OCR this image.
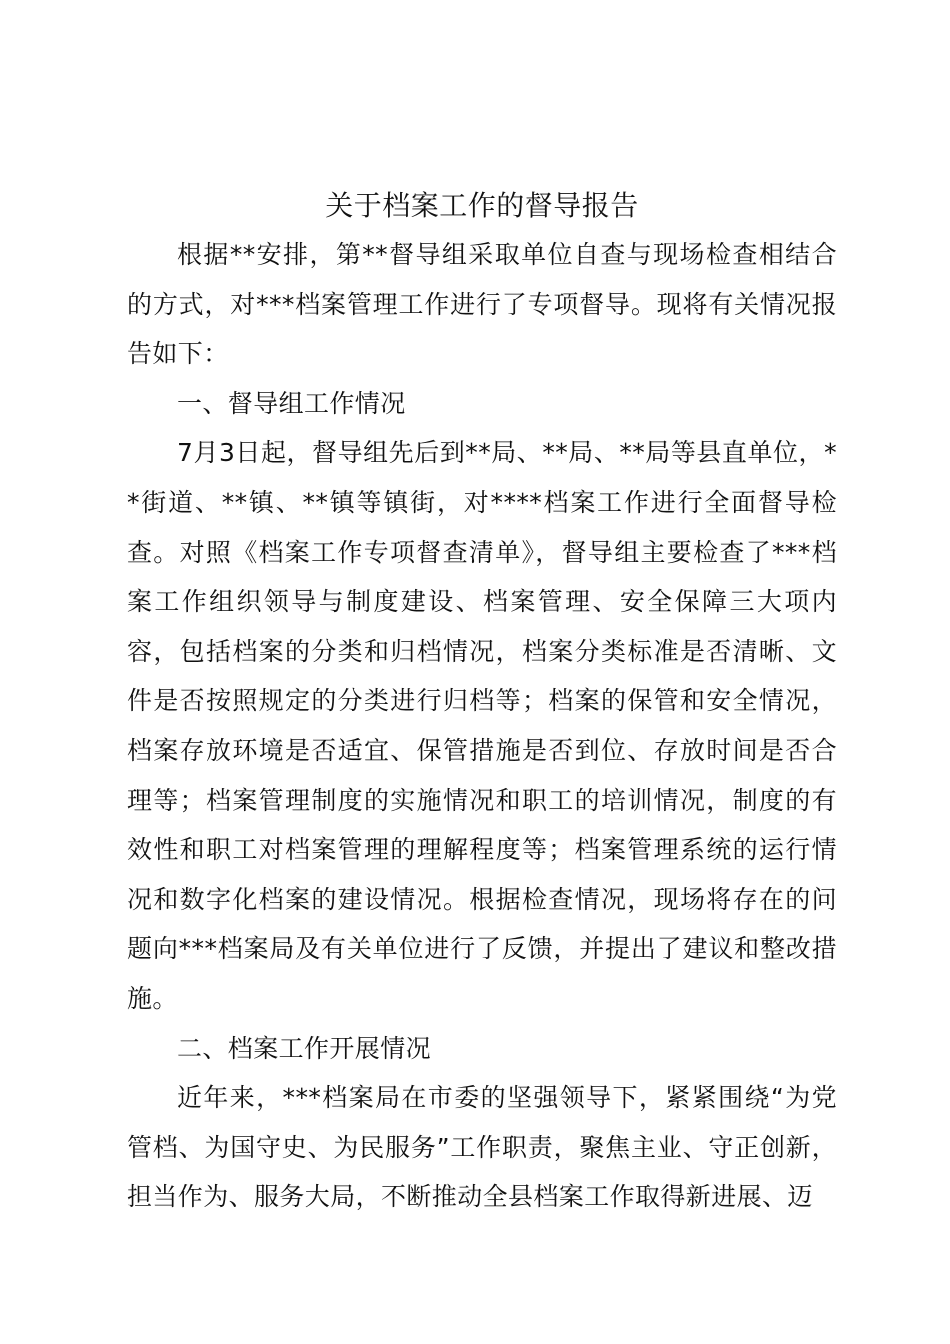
关于档案工作的督导报告

根据**安排，第**督导组采取单位自查与现场检查相结合的方式，对***档案管理工作进行了专项督导。现将有关情况报告如下：

一、督导组工作情况

7月3日起，督导组先后到**局、**局、**局等县直单位，**街道、**镇、**镇等镇街，对****档案工作进行全面督导检查。对照《档案工作专项督查清单》，督导组主要检查了***档案工作组织领导与制度建设、档案管理、安全保障三大项内容，包括档案的分类和归档情况，档案分类标准是否清晰、文件是否按照规定的分类进行归档等；档案的保管和安全情况，档案存放环境是否适宜、保管措施是否到位、存放时间是否合理等；档案管理制度的实施情况和职工的培训情况，制度的有效性和职工对档案管理的理解程度等；档案管理系统的运行情况和数字化档案的建设情况。根据检查情况，现场将存在的问题向***档案局及有关单位进行了反馈，并提出了建议和整改措施。

二、档案工作开展情况

近年来，***档案局在市委的坚强领导下，紧紧围绕“为党管档、为国守史、为民服务”工作职责，聚焦主业、守正创新，担当作为、服务大局，不断推动全县档案工作取得新进展、迈
